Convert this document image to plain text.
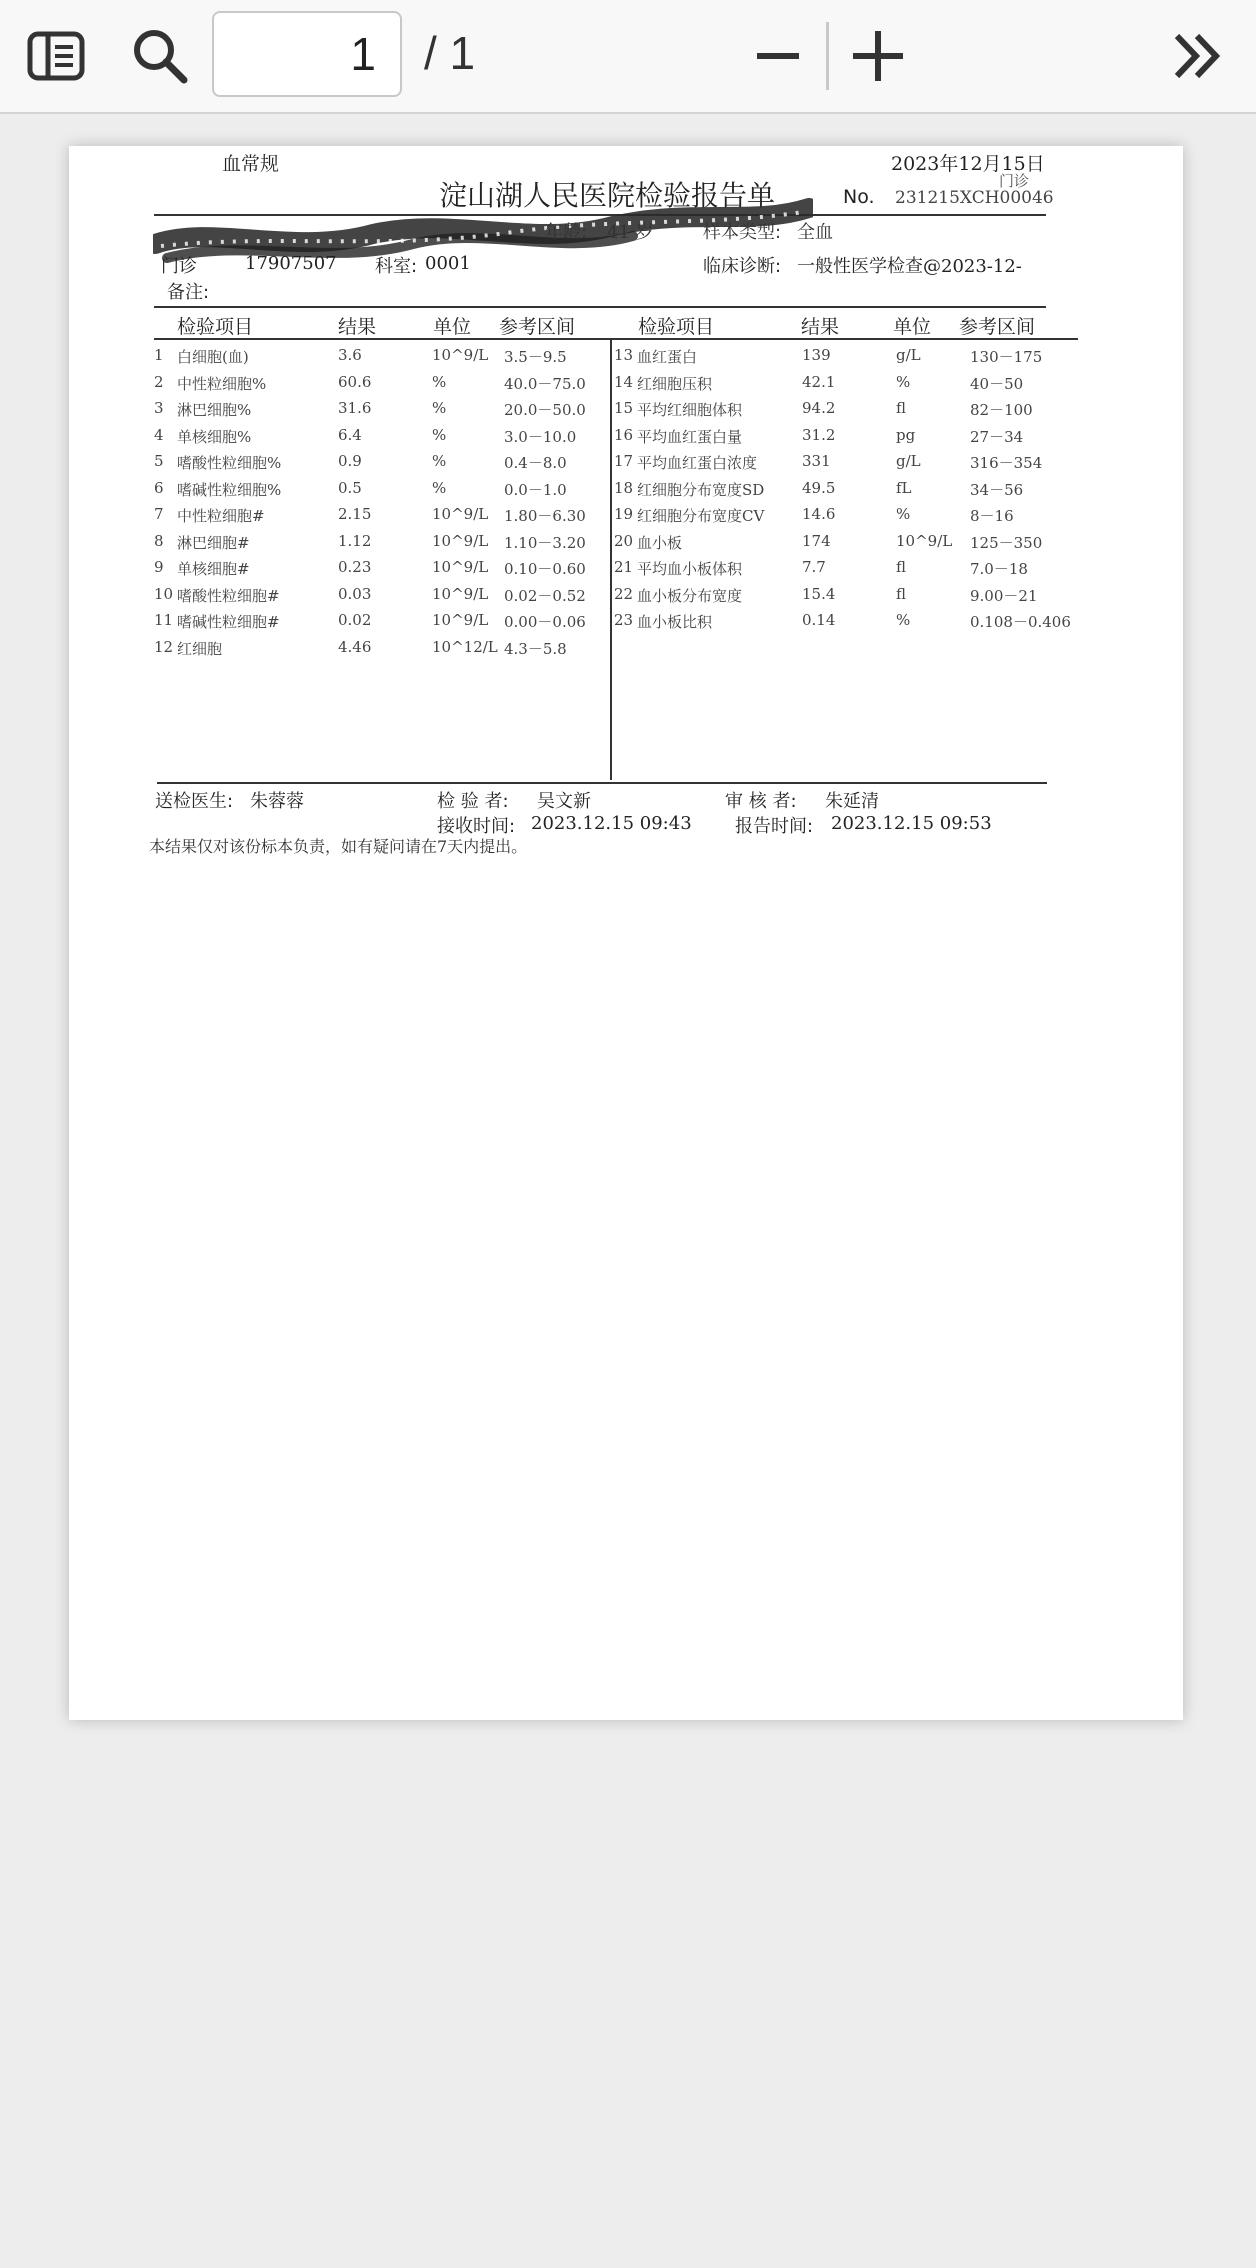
1
/ 1
血常规	2023年12月15日
门诊
淀山湖人民医院检验报告单	No. 231215XCH00046
年龄: 41 岁	样本类型: 全血
门诊	17907507 科室: 0001	临床诊断: 一般性医学检查@2023-12-
备注:
检验项目	结果	单位 参考区间	检验项目	结果	单位 参考区间
1 白细胞(血)	3.6	10^9/L 3.5－9.5
2 中性粒细胞%	60.6	%	40.0－75.0
3 淋巴细胞%	31.6	%	20.0－50.0
4 单核细胞%	6.4	%	3.0－10.0
5 嗜酸性粒细胞%	0.9	%	0.4－8.0
6 嗜碱性粒细胞%	0.5	%	0.0－1.0
7 中性粒细胞#	2.15	10^9/L 1.80－6.30
8 淋巴细胞#	1.12	10^9/L 1.10－3.20
9 单核细胞#	0.23	10^9/L 0.10－0.60
10 嗜酸性粒细胞#	0.03	10^9/L 0.02－0.52
11 嗜碱性粒细胞#	0.02	10^9/L 0.00－0.06
12 红细胞	4.46	10^12/L 4.3－5.8
13 血红蛋白	139	g/L	130－175
14 红细胞压积	42.1	%	40－50
15 平均红细胞体积	94.2	fl	82－100
16 平均血红蛋白量	31.2	pg	27－34
17 平均血红蛋白浓度	331	g/L	316－354
18 红细胞分布宽度SD	49.5	fL	34－56
19 红细胞分布宽度CV	14.6	%	8－16
20 血小板	174	10^9/L 125－350
21 平均血小板体积	7.7	fl	7.0－18
22 血小板分布宽度	15.4	fl	9.00－21
23 血小板比积	0.14	%	0.108－0.406
送检医生: 朱蓉蓉	检 验 者: 吴文新	审 核 者: 朱延清
接收时间: 2023.12.15 09:43 报告时间: 2023.12.15 09:53
本结果仅对该份标本负责，如有疑问请在7天内提出。
